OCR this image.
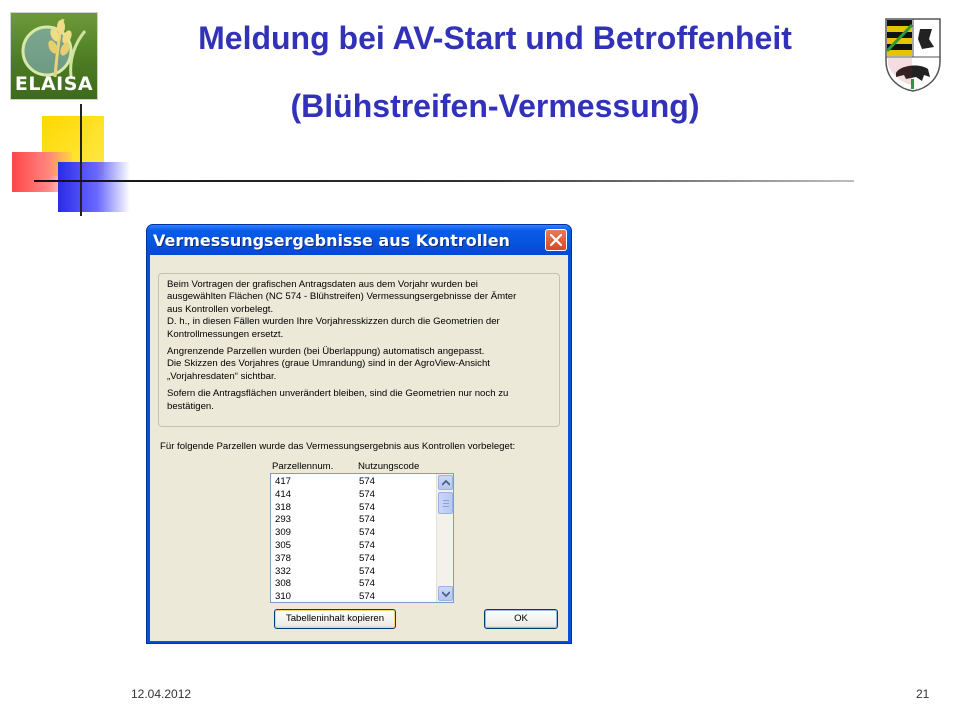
ELAISA
Meldung bei AV-Start und Betroffenheit
(Blühstreifen-Vermessung)
Vermessungsergebnisse aus Kontrollen

Beim Vortragen der grafischen Antragsdaten aus dem Vorjahr wurden bei
ausgewählten Flächen (NC 574 - Blühstreifen) Vermessungsergebnisse der Ämter
aus Kontrollen vorbelegt.
D. h., in diesen Fällen wurden Ihre Vorjahresskizzen durch die Geometrien der
Kontrollmessungen ersetzt.

Angrenzende Parzellen wurden (bei Überlappung) automatisch angepasst.
Die Skizzen des Vorjahres (graue Umrandung) sind in der AgroView-Ansicht
„Vorjahresdaten“ sichtbar.

Sofern die Antragsflächen unverändert bleiben, sind die Geometrien nur noch zu
bestätigen.

Für folgende Parzellen wurde das Vermessungsergebnis aus Kontrollen vorbeleget:
Parzellennum.	Nutzungscode
417	574
414	574
318	574
293	574
309	574
305	574
378	574
332	574
308	574
310	574
Tabelleninhalt kopieren	OK
12.04.2012	21
